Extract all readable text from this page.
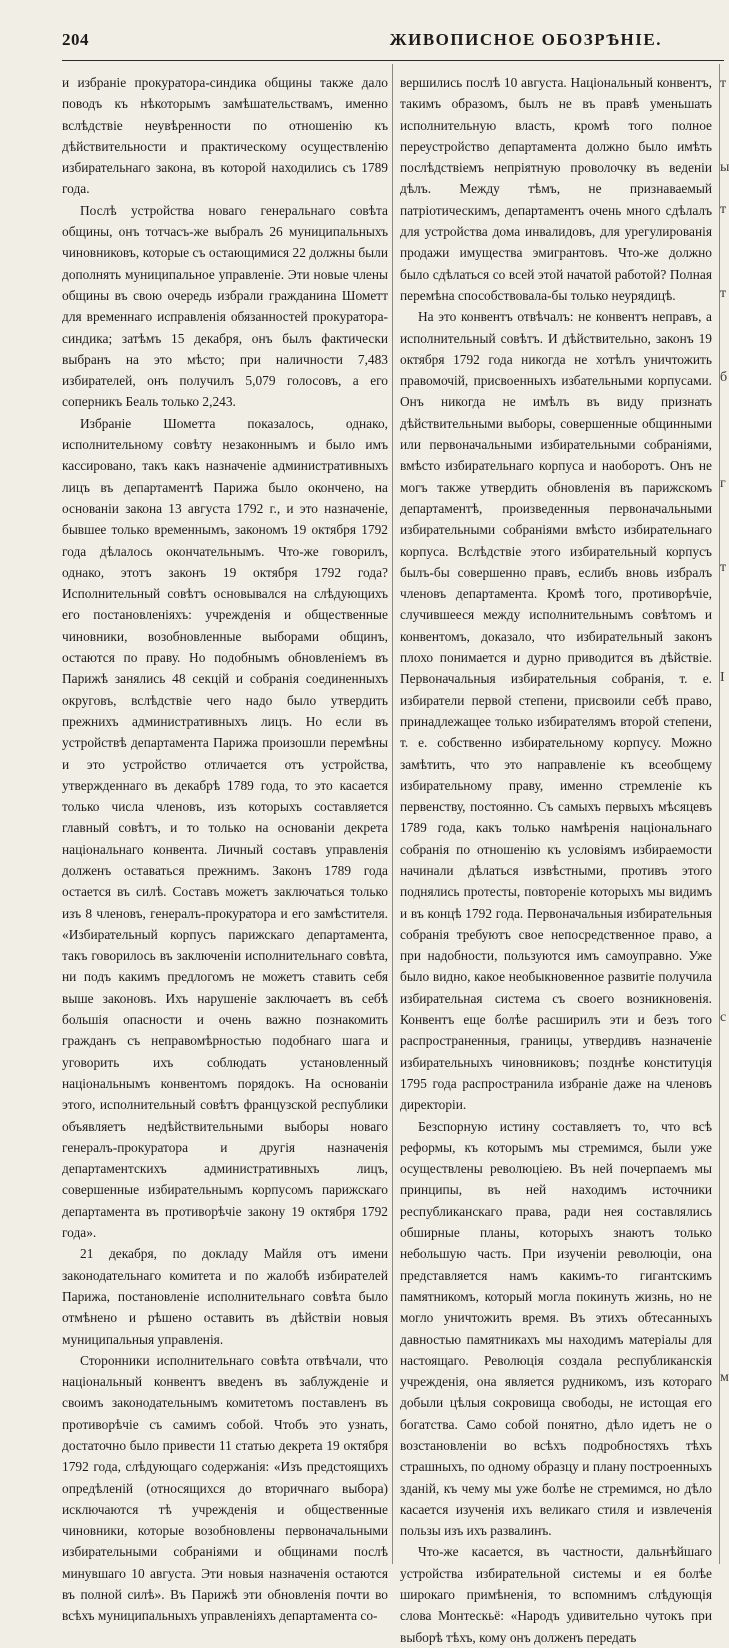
204	ЖИВОПИСНОЕ ОБОЗРѢНІЕ.

и избраніе прокуратора-синдика общины также дало поводъ къ нѣкоторымъ замѣшательствамъ, именно вслѣдствіе неувѣренности по отношенію къ дѣйствительности и практическому осуществленію избирательнаго закона, въ которой находились съ 1789 года.

Послѣ устройства новаго генеральнаго совѣта общины, онъ тотчасъ-же выбралъ 26 муниципальныхъ чиновниковъ, которые съ остающимися 22 должны были дополнять муниципальное управленіе. Эти новые члены общины въ свою очередь избрали гражданина Шометт для временнаго исправленія обязанностей прокуратора-синдика; затѣмъ 15 декабря, онъ былъ фактически выбранъ на это мѣсто; при наличности 7,483 избирателей, онъ получилъ 5,079 голосовъ, а его соперникъ Беаль только 2,243.

Избраніе Шометта показалось, однако, исполнительному совѣту незаконнымъ и было имъ кассировано, такъ какъ назначеніе административныхъ лицъ въ департаментѣ Парижа было окончено, на основаніи закона 13 августа 1792 г., и это назначеніе, бывшее только временнымъ, закономъ 19 октября 1792 года дѣлалось окончательнымъ. Что-же говорилъ, однако, этотъ законъ 19 октября 1792 года? Исполнительный совѣтъ основывался на слѣдующихъ его постановленіяхъ: учрежденія и общественные чиновники, возобновленные выборами общинъ, остаются по праву. Но подобнымъ обновленіемъ въ Парижѣ занялись 48 секцій и собранія соединенныхъ округовъ, вслѣдствіе чего надо было утвердить прежнихъ административныхъ лицъ. Но если въ устройствѣ департамента Парижа произошли перемѣны и это устройство отличается отъ устройства, утвержденнаго въ декабрѣ 1789 года, то это касается только числа членовъ, изъ которыхъ составляется главный совѣтъ, и то только на основаніи декрета національнаго конвента. Личный составъ управленія долженъ оставаться прежнимъ. Законъ 1789 года остается въ силѣ. Составъ можетъ заключаться только изъ 8 членовъ, генералъ-прокуратора и его замѣстителя. «Избирательный корпусъ парижскаго департамента, такъ говорилось въ заключеніи исполнительнаго совѣта, ни подъ какимъ предлогомъ не можетъ ставить себя выше законовъ. Ихъ нарушеніе заключаетъ въ себѣ большія опасности и очень важно познакомить гражданъ съ неправомѣрностью подобнаго шага и уговорить ихъ соблюдать установленный національнымъ конвентомъ порядокъ. На основаніи этого, исполнительный совѣтъ французской республики объявляетъ недѣйствительными выборы новаго генералъ-прокуратора и другія назначенія департаментскихъ административныхъ лицъ, совершенные избирательнымъ корпусомъ парижскаго департамента въ противорѣчіе закону 19 октября 1792 года».

21 декабря, по докладу Майля отъ имени законодательнаго комитета и по жалобѣ избирателей Парижа, постановленіе исполнительнаго совѣта было отмѣнено и рѣшено оставить въ дѣйствіи новыя муниципальныя управленія.

Сторонники исполнительнаго совѣта отвѣчали, что національный конвентъ введенъ въ заблужденіе и своимъ законодательнымъ комитетомъ поставленъ въ противорѣчіе съ самимъ собой. Чтобъ это узнать, достаточно было привести 11 статью декрета 19 октября 1792 года, слѣдующаго содержанія: «Изъ предстоящихъ опредѣленій (относящихся до вторичнаго выбора) исключаются тѣ учрежденія и общественные чиновники, которые возобновлены первоначальными избирательными собраніями и общинами послѣ минувшаго 10 августа. Эти новыя назначенія остаются въ полной силѣ». Въ Парижѣ эти обновленія почти во всѣхъ муниципальныхъ управленіяхъ департамента со-

вершились послѣ 10 августа. Національный конвентъ, такимъ образомъ, былъ не въ правѣ уменьшать исполнительную власть, кромѣ того полное переустройство департамента должно было имѣть послѣдствіемъ непріятную проволочку въ веденіи дѣлъ. Между тѣмъ, не признаваемый патріотическимъ, департаментъ очень много сдѣлалъ для устройства дома инвалидовъ, для урегулированія продажи имущества эмигрантовъ. Что-же должно было сдѣлаться со всей этой начатой работой? Полная перемѣна способствовала-бы только неурядицѣ.

На это конвентъ отвѣчалъ: не конвентъ неправъ, а исполнительный совѣтъ. И дѣйствительно, законъ 19 октября 1792 года никогда не хотѣлъ уничтожить правомочій, присвоенныхъ избательными корпусами. Онъ никогда не имѣлъ въ виду признать дѣйствительными выборы, совершенные общинными или первоначальными избирательными собраніями, вмѣсто избирательнаго корпуса и наоборотъ. Онъ не могъ также утвердить обновленія въ парижскомъ департаментѣ, произведенныя первоначальными избирательными собраніями вмѣсто избирательнаго корпуса. Вслѣдствіе этого избирательный корпусъ былъ-бы совершенно правъ, еслибъ вновь избралъ членовъ департамента. Кромѣ того, противорѣчіе, случившееся между исполнительнымъ совѣтомъ и конвентомъ, доказало, что избирательный законъ плохо понимается и дурно приводится въ дѣйствіе. Первоначальныя избирательныя собранія, т. е. избиратели первой степени, присвоили себѣ право, принадлежащее только избирателямъ второй степени, т. е. собственно избирательному корпусу. Можно замѣтить, что это направленіе къ всеобщему избирательному праву, именно стремленіе къ первенству, постоянно. Съ самыхъ первыхъ мѣсяцевъ 1789 года, какъ только намѣренія національнаго собранія по отношенію къ условіямъ избираемости начинали дѣлаться извѣстными, противъ этого поднялись протесты, повтореніе которыхъ мы видимъ и въ концѣ 1792 года. Первоначальныя избирательныя собранія требуютъ свое непосредственное право, а при надобности, пользуются имъ самоуправно. Уже было видно, какое необыкновенное развитіе получила избирательная система съ своего возникновенія. Конвентъ еще болѣе расширилъ эти и безъ того распространенныя, границы, утвердивъ назначеніе избирательныхъ чиновниковъ; позднѣе конституція 1795 года распространила избраніе даже на членовъ директоріи.

Безспорную истину составляетъ то, что всѣ реформы, къ которымъ мы стремимся, были уже осуществлены революціею. Въ ней почерпаемъ мы принципы, въ ней находимъ источники республиканскаго права, ради нея составлялись обширные планы, которыхъ знаютъ только небольшую часть. При изученіи революціи, она представляется намъ какимъ-то гигантскимъ памятникомъ, который могла покинуть жизнь, но не могло уничтожить время. Въ этихъ обтесанныхъ давностью памятникахъ мы находимъ матеріалы для настоящаго. Революція создала республиканскія учрежденія, она является рудникомъ, изъ котораго добыли цѣлыя сокровища свободы, не истощая его богатства. Само собой понятно, дѣло идетъ не о возстановленіи во всѣхъ подробностяхъ тѣхъ страшныхъ, по одному образцу и плану построенныхъ зданій, къ чему мы уже болѣе не стремимся, но дѣло касается изученія ихъ великаго стиля и извлеченія пользы изъ ихъ развалинъ.

Что-же касается, въ частности, дальнѣйшаго устройства избирательной системы и ея болѣе широкаго примѣненія, то вспомнимъ слѣдующія слова Монтескьё: «Народъ удивительно чутокъ при выборѣ тѣхъ, кому онъ долженъ передать

т
ы
т
т
б
г
т
I
с
м
